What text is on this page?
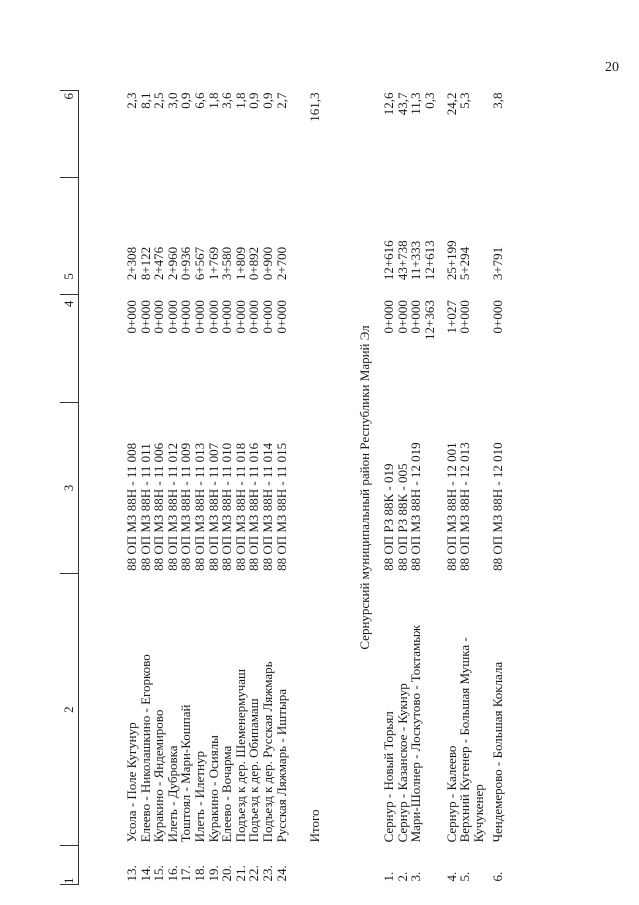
20
1	2	3	4	5	6

13.	Усола - Поле Кугунур	88 ОП МЗ 88Н - 11 008	0+000	2+308	2,3
14.	Елеево - Николашкино - Егорково	88 ОП МЗ 88Н - 11 011	0+000	8+122	8,1
15.	Куракино - Яндемирово	88 ОП МЗ 88Н - 11 006	0+000	2+476	2,5
16.	Илеть - Дубровка	88 ОП МЗ 88Н - 11 012	0+000	2+960	3,0
17.	Тоштоял - Мари-Кошпай	88 ОП МЗ 88Н - 11 009	0+000	0+936	0,9
18.	Илеть - Илетнур	88 ОП МЗ 88Н - 11 013	0+000	6+567	6,6
19.	Куракино - Осиялы	88 ОП МЗ 88Н - 11 007	0+000	1+769	1,8
20.	Елеево - Вочарма	88 ОП МЗ 88Н - 11 010	0+000	3+580	3,6
21.	Подъезд к дер. Шеменермучаш	88 ОП МЗ 88Н - 11 018	0+000	1+809	1,8
22.	Подъезд к дер. Обипамаш	88 ОП МЗ 88Н - 11 016	0+000	0+892	0,9
23.	Подъезд к дер. Русская Ляжмарь	88 ОП МЗ 88Н - 11 014	0+000	0+900	0,9
24.	Русская Ляжмарь - Иштыра	88 ОП МЗ 88Н - 11 015	0+000	2+700	2,7

	Итого				161,3

Сернурский муниципальный район Республики Марий Эл					
1.	Сернур - Новый Торьял	88 ОП РЗ 88К - 019	0+000	12+616	12,6
2.	Сернур - Казанское - Кукнур	88 ОП РЗ 88К - 005	0+000	43+738	43,7
3.	Мари-Шолнер - Лоскутово - Токтамыж	88 ОП МЗ 88Н - 12 019	0+000	11+333	11,3
			12+363	12+613	0,3

4.	Сернур - Калеево	88 ОП МЗ 88Н - 12 001	1+027	25+199	24,2
5.	Верхний Кугенер - Большая Мушка - Кучукенер	88 ОП МЗ 88Н - 12 013	0+000	5+294	5,3

6.	Чендемерово - Большая Коклала	88 ОП МЗ 88Н - 12 010	0+000	3+791	3,8
